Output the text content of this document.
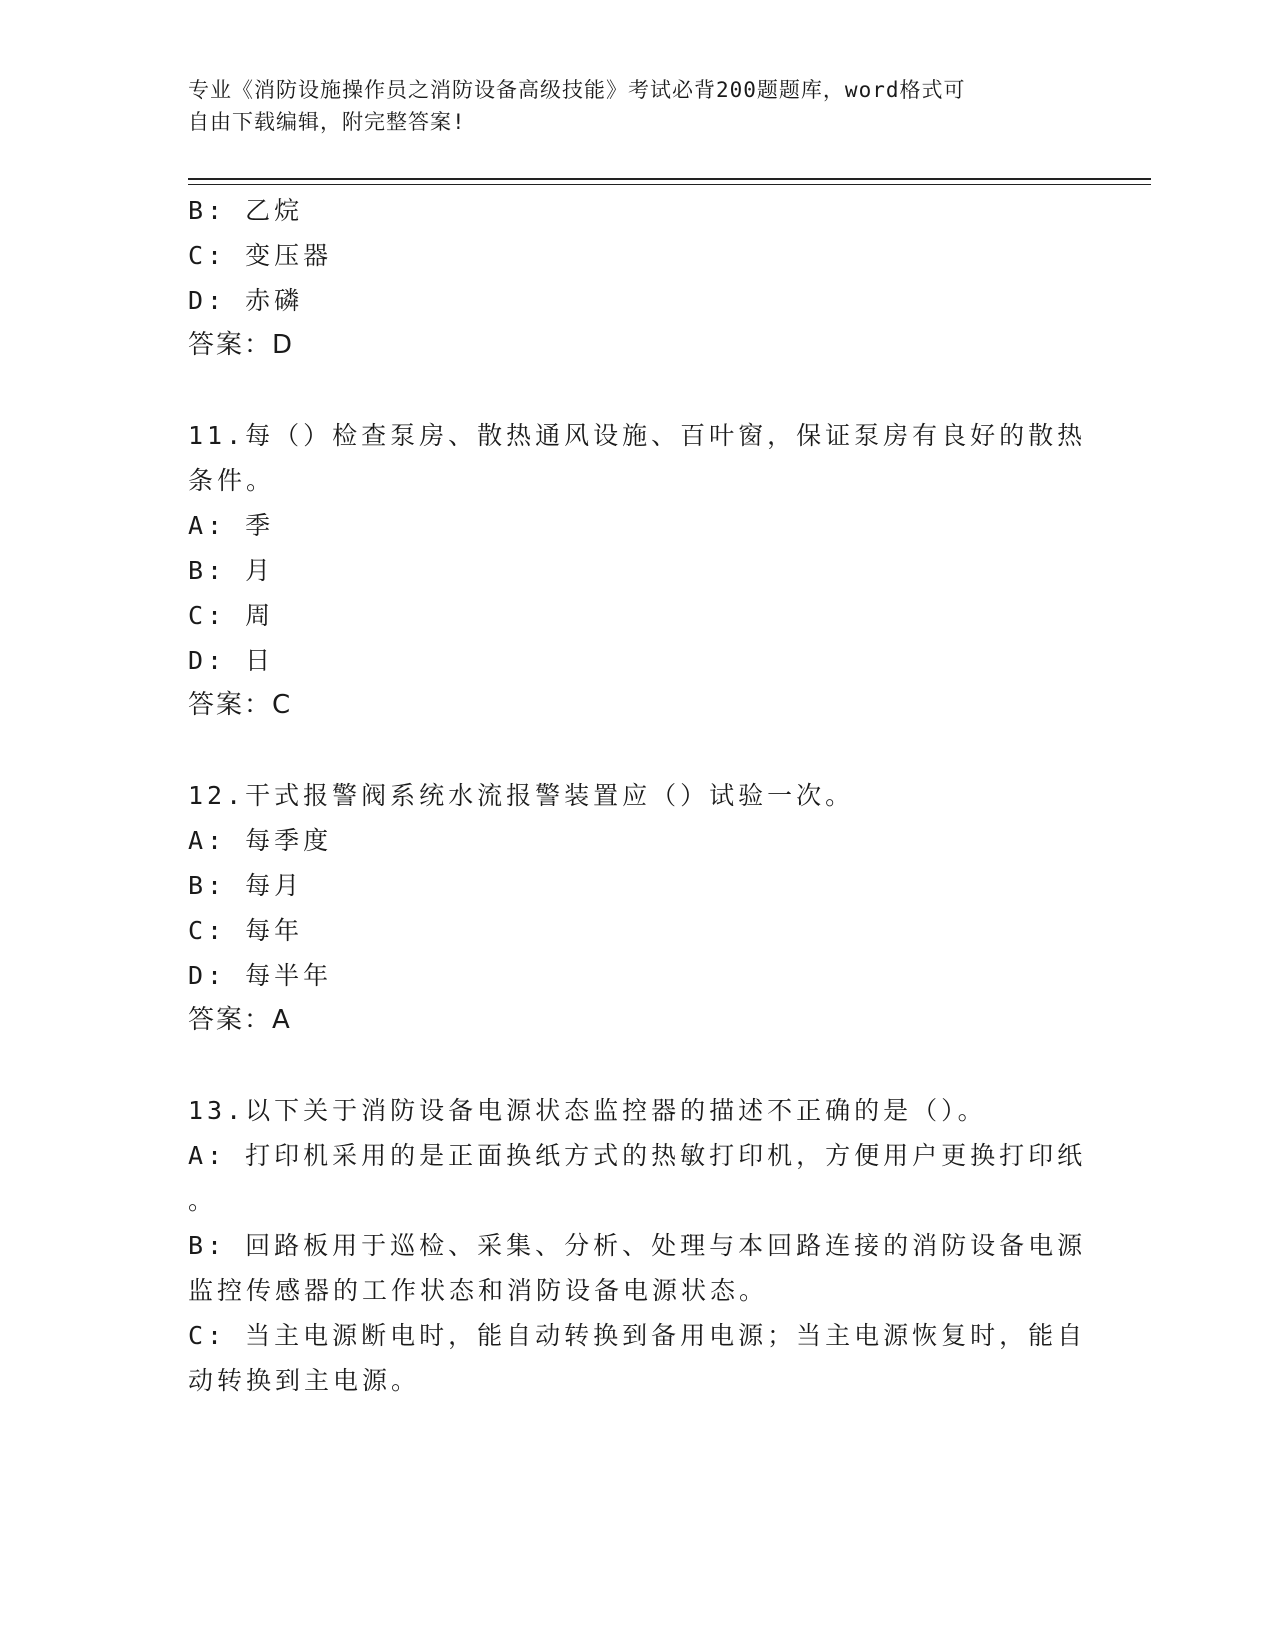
专业《消防设施操作员之消防设备高级技能》考试必背200题题库，word格式可
自由下载编辑，附完整答案!
B: 乙烷
C: 变压器
D: 赤磷
答案：D
11.每（）检查泵房、散热通风设施、百叶窗，保证泵房有良好的散热
条件。
A: 季
B: 月
C: 周
D: 日
答案：C
12.干式报警阀系统水流报警装置应（）试验一次。
A: 每季度
B: 每月
C: 每年
D: 每半年
答案：A
13.以下关于消防设备电源状态监控器的描述不正确的是（）。
A: 打印机采用的是正面换纸方式的热敏打印机，方便用户更换打印纸
。
B: 回路板用于巡检、采集、分析、处理与本回路连接的消防设备电源
监控传感器的工作状态和消防设备电源状态。
C: 当主电源断电时，能自动转换到备用电源；当主电源恢复时，能自
动转换到主电源。
